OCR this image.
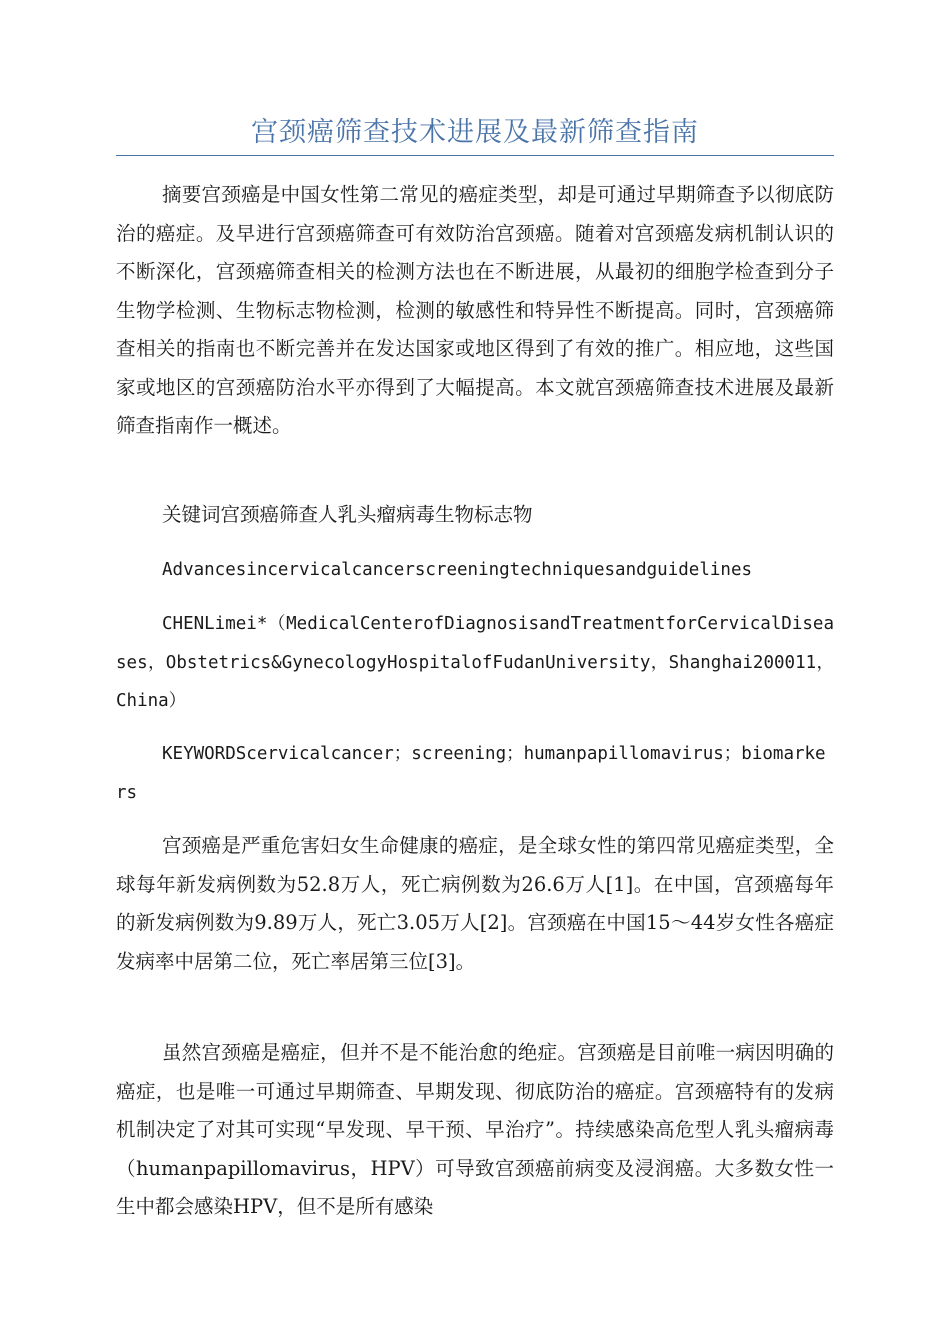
宫颈癌筛查技术进展及最新筛查指南

摘要宫颈癌是中国女性第二常见的癌症类型，却是可通过早期筛查予以彻底防治的癌症。及早进行宫颈癌筛查可有效防治宫颈癌。随着对宫颈癌发病机制认识的不断深化，宫颈癌筛查相关的检测方法也在不断进展，从最初的细胞学检查到分子生物学检测、生物标志物检测，检测的敏感性和特异性不断提高。同时，宫颈癌筛查相关的指南也不断完善并在发达国家或地区得到了有效的推广。相应地，这些国家或地区的宫颈癌防治水平亦得到了大幅提高。本文就宫颈癌筛查技术进展及最新筛查指南作一概述。

关键词宫颈癌筛查人乳头瘤病毒生物标志物

Advancesincervicalcancerscreeningtechniquesandguidelines

CHENLimei*（MedicalCenterofDiagnosisandTreatmentforCervicalDiseases，Obstetrics&GynecologyHospitalofFudanUniversity，Shanghai200011，China）

KEYWORDScervicalcancer；screening；humanpapillomavirus；biomarkers

宫颈癌是严重危害妇女生命健康的癌症，是全球女性的第四常见癌症类型，全球每年新发病例数为52.8万人，死亡病例数为26.6万人[1]。在中国，宫颈癌每年的新发病例数为9.89万人，死亡3.05万人[2]。宫颈癌在中国15～44岁女性各癌症发病率中居第二位，死亡率居第三位[3]。

虽然宫颈癌是癌症，但并不是不能治愈的绝症。宫颈癌是目前唯一病因明确的癌症，也是唯一可通过早期筛查、早期发现、彻底防治的癌症。宫颈癌特有的发病机制决定了对其可实现“早发现、早干预、早治疗”。持续感染高危型人乳头瘤病毒（humanpapillomavirus，HPV）可导致宫颈癌前病变及浸润癌。大多数女性一生中都会感染HPV，但不是所有感染
